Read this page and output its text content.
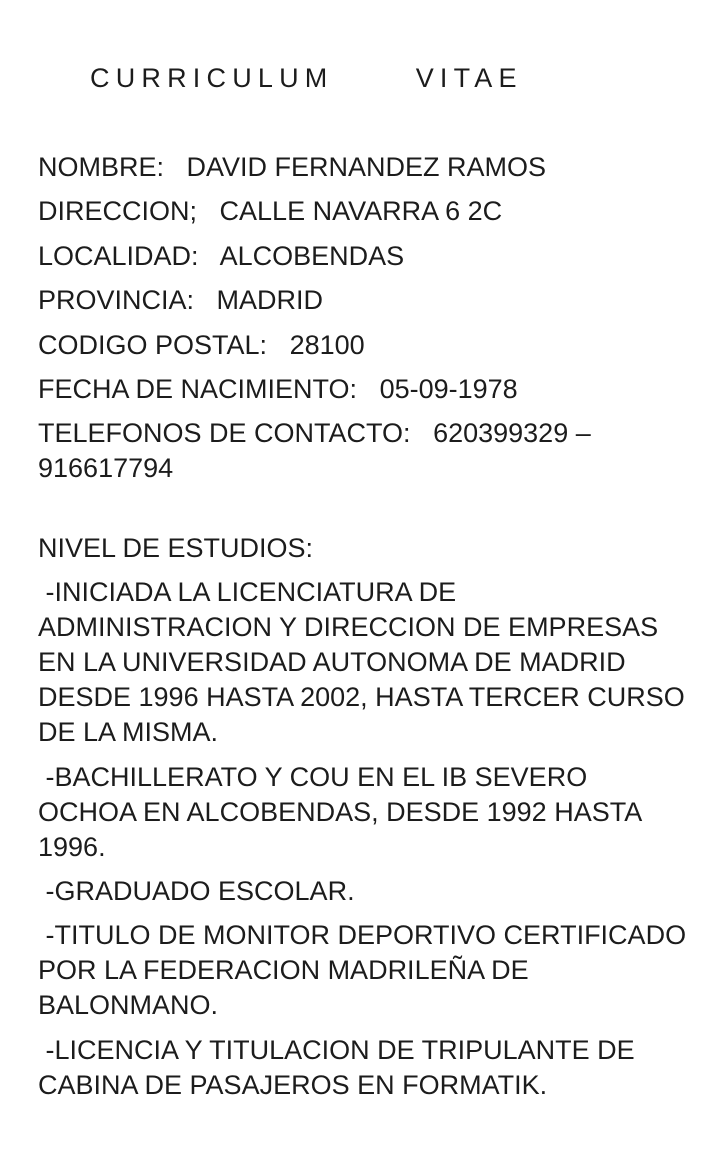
CURRICULUM      VITAE
NOMBRE: DAVID FERNANDEZ RAMOS
DIRECCION; CALLE NAVARRA 6 2C
LOCALIDAD: ALCOBENDAS
PROVINCIA: MADRID
CODIGO POSTAL: 28100
FECHA DE NACIMIENTO: 05-09-1978
TELEFONOS DE CONTACTO: 620399329 – 916617794
NIVEL DE ESTUDIOS:
-INICIADA LA LICENCIATURA DE ADMINISTRACION Y DIRECCION DE EMPRESAS EN LA UNIVERSIDAD AUTONOMA DE MADRID DESDE 1996 HASTA 2002, HASTA TERCER CURSO DE LA MISMA.
-BACHILLERATO Y COU EN EL IB SEVERO OCHOA EN ALCOBENDAS, DESDE 1992 HASTA 1996.
-GRADUADO ESCOLAR.
-TITULO DE MONITOR DEPORTIVO CERTIFICADO POR LA FEDERACION MADRILEÑA DE BALONMANO.
-LICENCIA Y TITULACION DE TRIPULANTE DE CABINA DE PASAJEROS EN FORMATIK.
